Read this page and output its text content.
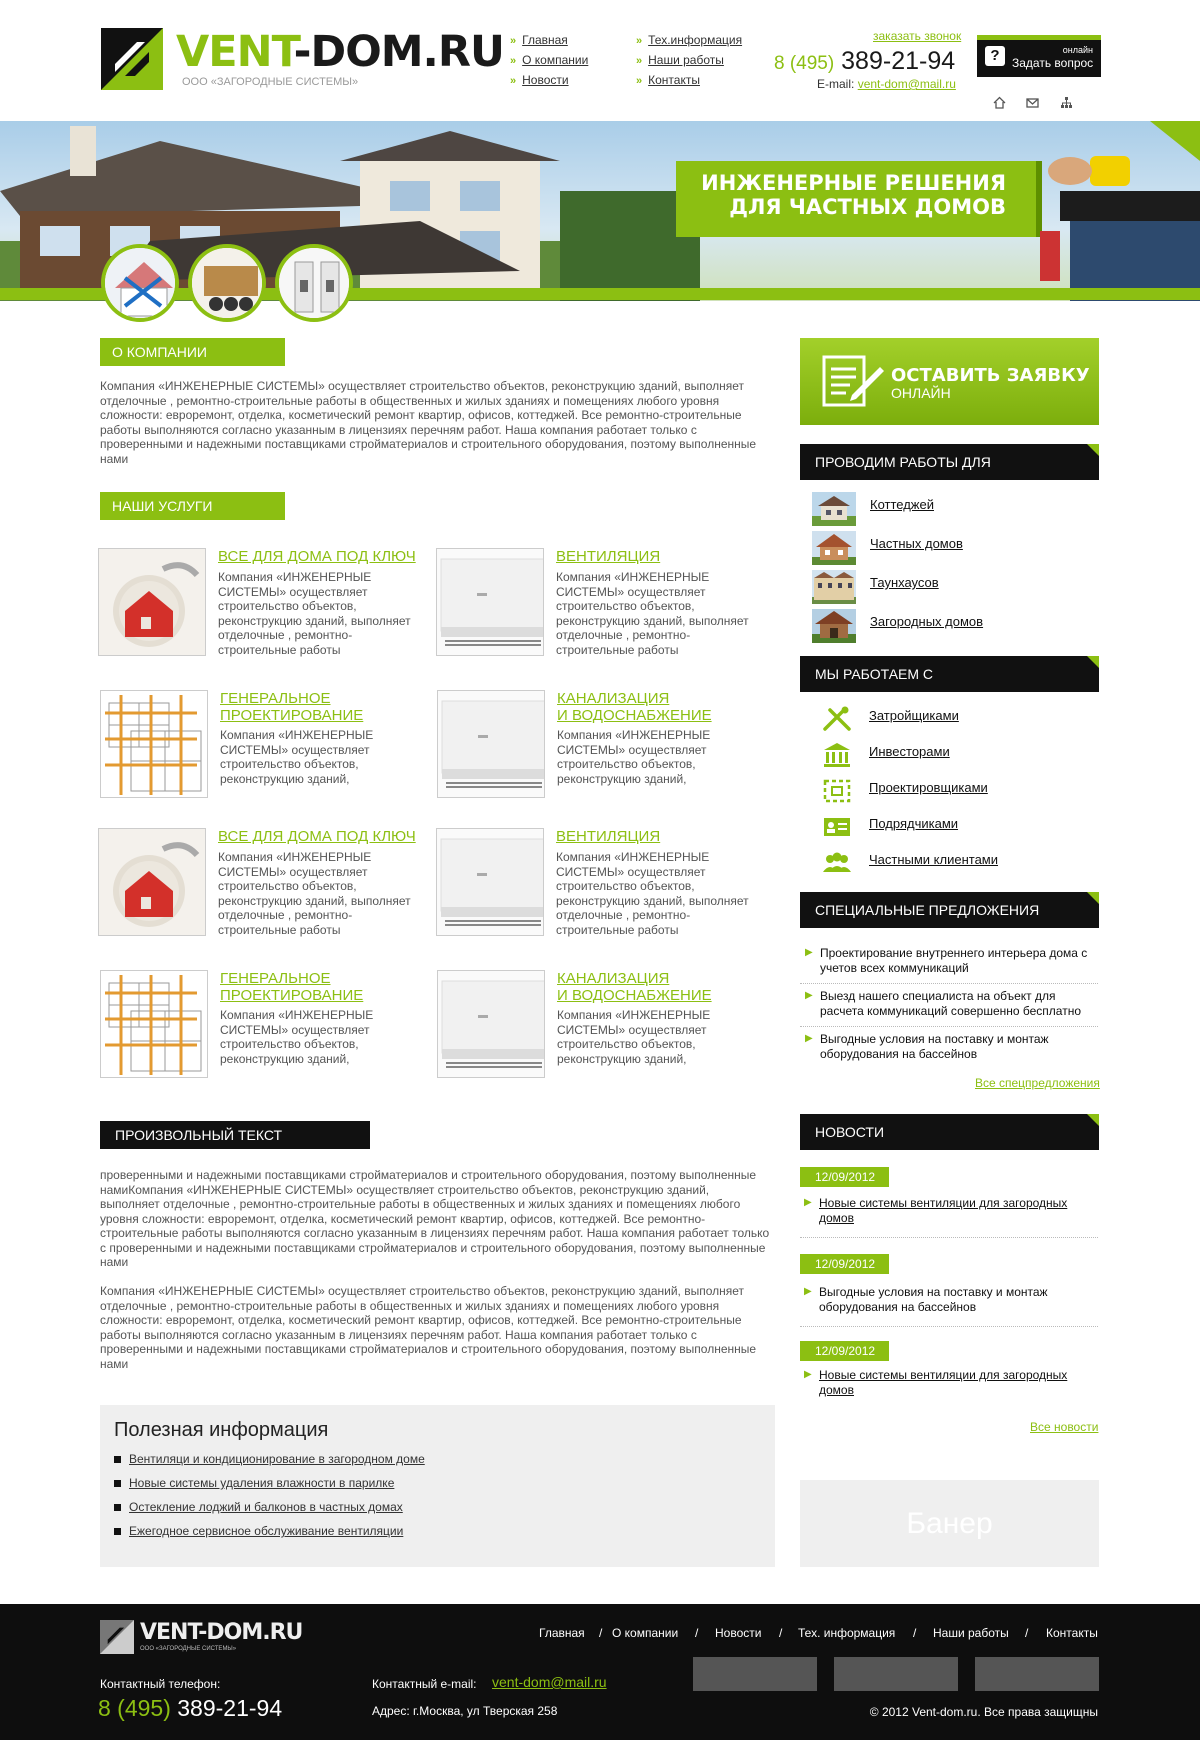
VENT-DOM.RU
ООО «ЗАГОРОДНЫЕ СИСТЕМЫ»
» Главная
» О компании
» Новости
» Тех.информация
» Наши работы
» Контакты
заказать звонок
8 (495) 389-21-94
E-mail: vent-dom@mail.ru
?	онлайн
Задать вопрос
ИНЖЕНЕРНЫЕ РЕШЕНИЯ
ДЛЯ ЧАСТНЫХ ДОМОВ
О КОМПАНИИ
Компания «ИНЖЕНЕРНЫЕ СИСТЕМЫ» осуществляет строительство объектов, реконструкцию зданий, выполняет отделочные , ремонтно-строительные работы в общественных и жилых зданиях и помещениях любого уровня сложности: евроремонт, отделка, косметический ремонт квартир, офисов, коттеджей. Все ремонтно-строительные работы выполняются согласно указанным в лицензиях перечням работ. Наша компания работает только с проверенными и надежными поставщиками стройматериалов и строительного оборудования, поэтому выполненные нами
НАШИ УСЛУГИ
ВСЕ ДЛЯ ДОМА ПОД КЛЮЧ
Компания «ИНЖЕНЕРНЫЕ СИСТЕМЫ» осуществляет строительство объектов, реконструкцию зданий, выполняет отделочные , ремонтно-строительные работы
ВЕНТИЛЯЦИЯ
Компания «ИНЖЕНЕРНЫЕ СИСТЕМЫ» осуществляет строительство объектов, реконструкцию зданий, выполняет отделочные , ремонтно-строительные работы
ГЕНЕРАЛЬНОЕ
ПРОЕКТИРОВАНИЕ
Компания «ИНЖЕНЕРНЫЕ СИСТЕМЫ» осуществляет строительство объектов, реконструкцию зданий,
КАНАЛИЗАЦИЯ
И ВОДОСНАБЖЕНИЕ
Компания «ИНЖЕНЕРНЫЕ СИСТЕМЫ» осуществляет строительство объектов, реконструкцию зданий,
ВСЕ ДЛЯ ДОМА ПОД КЛЮЧ
Компания «ИНЖЕНЕРНЫЕ СИСТЕМЫ» осуществляет строительство объектов, реконструкцию зданий, выполняет отделочные , ремонтно-строительные работы
ВЕНТИЛЯЦИЯ
Компания «ИНЖЕНЕРНЫЕ СИСТЕМЫ» осуществляет строительство объектов, реконструкцию зданий, выполняет отделочные , ремонтно-строительные работы
ГЕНЕРАЛЬНОЕ
ПРОЕКТИРОВАНИЕ
Компания «ИНЖЕНЕРНЫЕ СИСТЕМЫ» осуществляет строительство объектов, реконструкцию зданий,
КАНАЛИЗАЦИЯ
И ВОДОСНАБЖЕНИЕ
Компания «ИНЖЕНЕРНЫЕ СИСТЕМЫ» осуществляет строительство объектов, реконструкцию зданий,
ПРОИЗВОЛЬНЫЙ ТЕКСТ
проверенными и надежными поставщиками стройматериалов и строительного оборудования, поэтому выполненные намиКомпания «ИНЖЕНЕРНЫЕ СИСТЕМЫ» осуществляет строительство объектов, реконструкцию зданий, выполняет отделочные , ремонтно-строительные работы в общественных и жилых зданиях и помещениях любого уровня сложности: евроремонт, отделка, косметический ремонт квартир, офисов, коттеджей. Все ремонтно-строительные работы выполняются согласно указанным в лицензиях перечням работ. Наша компания работает только с проверенными и надежными поставщиками стройматериалов и строительного оборудования, поэтому выполненные нами
Компания «ИНЖЕНЕРНЫЕ СИСТЕМЫ» осуществляет строительство объектов, реконструкцию зданий, выполняет отделочные , ремонтно-строительные работы в общественных и жилых зданиях и помещениях любого уровня сложности: евроремонт, отделка, косметический ремонт квартир, офисов, коттеджей. Все ремонтно-строительные работы выполняются согласно указанным в лицензиях перечням работ. Наша компания работает только с проверенными и надежными поставщиками стройматериалов и строительного оборудования, поэтому выполненные нами
Полезная информация
Вентиляци и кондиционирование в загородном доме
Новые системы удаления влажности в парилке
Остекление лоджий и балконов в частных домах
Ежегодное сервисное обслуживание вентиляции
ОСТАВИТЬ ЗАЯВКУ
ОНЛАЙН
ПРОВОДИМ РАБОТЫ ДЛЯ
Коттеджей
Частных домов
Таунхаусов
Загородных домов
МЫ РАБОТАЕМ С
Затройщиками
Инвесторами
Проектировщиками
Подрядчиками
Частными клиентами
СПЕЦИАЛЬНЫЕ ПРЕДЛОЖЕНИЯ
▶ Проектирование внутреннего интерьера дома с учетов всех коммуникаций
▶ Выезд нашего специалиста на объект для расчета коммуникаций совершенно бесплатно
▶ Выгодные условия на поставку и монтаж оборудования на бассейнов
Все спецпредложения
НОВОСТИ
12/09/2012
▶ Новые системы вентиляции для загородных домов
12/09/2012
▶ Выгодные условия на поставку и монтаж оборудования на бассейнов
12/09/2012
▶ Новые системы вентиляции для загородных домов
Все новости
Банер
VENT-DOM.RU
ООО «ЗАГОРОДНЫЕ СИСТЕМЫ»
Главная / О компании / Новости / Тех. информация / Наши работы / Контакты
Контактный телефон:
8 (495) 389-21-94
Контактный e-mail: vent-dom@mail.ru
Адрес: г.Москва, ул Тверская 258	© 2012 Vent-dom.ru. Все права защищны
